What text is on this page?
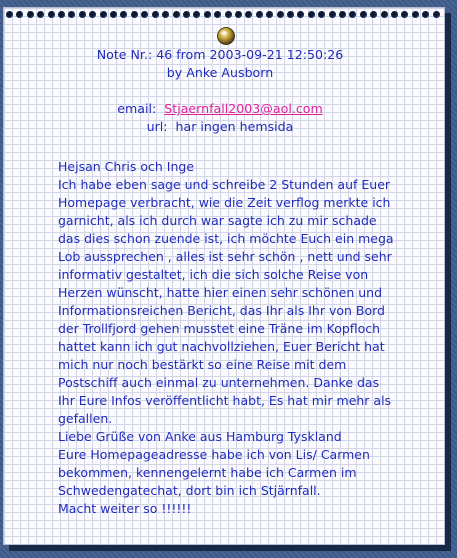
Note Nr.: 46 from 2003-09-21 12:50:26
by Anke Ausborn
email: Stjaernfall2003@aol.com
url: har ingen hemsida

Hejsan Chris och Inge

Ich habe eben sage und schreibe 2 Stunden auf Euer Homepage verbracht, wie die Zeit verflog merkte ich garnicht, als ich durch war sagte ich zu mir schade das dies schon zuende ist, ich möchte Euch ein mega Lob aussprechen , alles ist sehr schön , nett und sehr informativ gestaltet, ich die sich solche Reise von Herzen wünscht, hatte hier einen sehr schönen und Informationsreichen Bericht, das Ihr als Ihr von Bord der Trollfjord gehen musstet eine Träne im Kopfloch hattet kann ich gut nachvollziehen, Euer Bericht hat mich nur noch bestärkt so eine Reise mit dem Postschiff auch einmal zu unternehmen. Danke das Ihr Eure Infos veröffentlicht habt, Es hat mir mehr als gefallen.

Liebe Grüße von Anke aus Hamburg Tyskland

Eure Homepageadresse habe ich von Lis/ Carmen bekommen, kennengelernt habe ich Carmen im Schwedengatechat, dort bin ich Stjärnfall.

Macht weiter so !!!!!!
